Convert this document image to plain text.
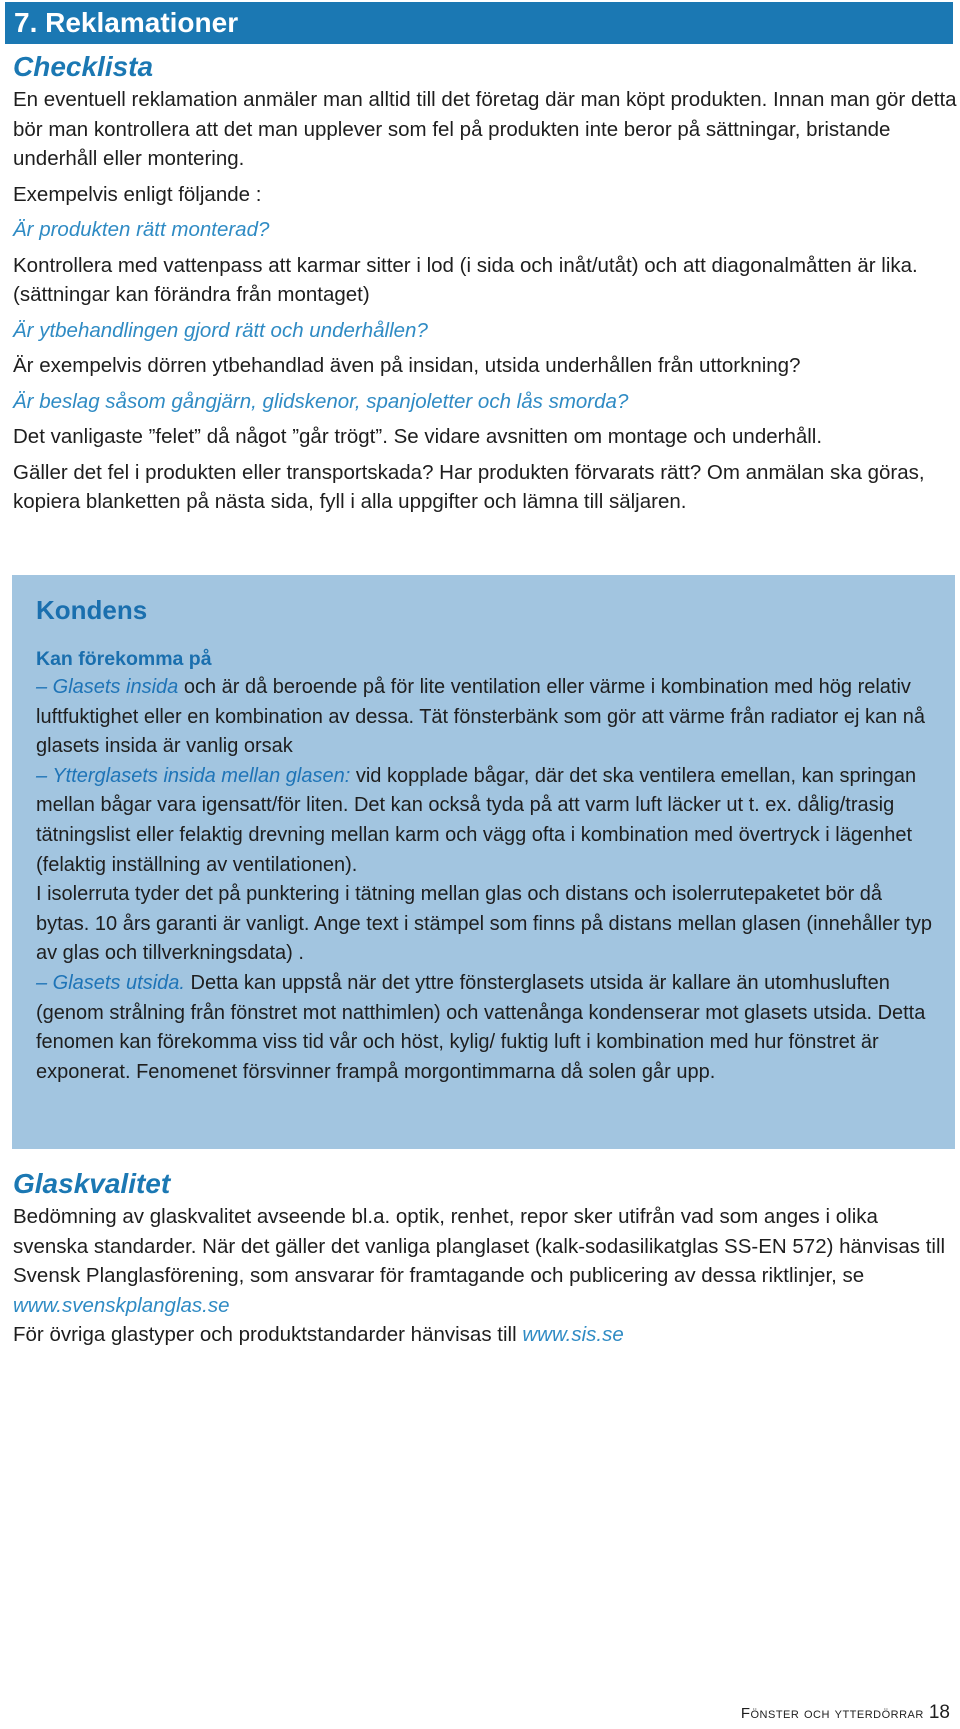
7. Reklamationer
Checklista

En eventuell reklamation anmäler man alltid till det företag där man köpt produkten. Innan man gör detta bör man kontrollera att det man upplever som fel på produkten inte beror på sättningar, bristande underhåll eller montering.

Exempelvis enligt följande :

Är produkten rätt monterad?

Kontrollera med vattenpass att karmar sitter i lod (i sida och inåt/utåt) och att diagonalmåtten är lika.(sättningar kan förändra från montaget)

Är ytbehandlingen gjord rätt och underhållen?

Är exempelvis dörren ytbehandlad även på insidan, utsida underhållen från uttorkning?

Är beslag såsom gångjärn, glidskenor, spanjoletter och lås smorda?

Det vanligaste ”felet” då något ”går trögt”. Se vidare avsnitten om montage och underhåll.

Gäller det fel i produkten eller transportskada? Har produkten förvarats rätt? Om anmälan ska göras, kopiera blanketten på nästa sida, fyll i alla uppgifter och lämna till säljaren.

Kondens

Kan förekomma på

– Glasets insida och är då beroende på för lite ventilation eller värme i kombination med hög relativ luftfuktighet eller en kombination av dessa. Tät fönsterbänk som gör att värme från radiator ej kan nå glasets insida är vanlig orsak

– Ytterglasets insida mellan glasen: vid kopplade bågar, där det ska ventilera emellan, kan springan mellan bågar vara igensatt/för liten. Det kan också tyda på att varm luft läcker ut t. ex. dålig/trasig tätningslist eller felaktig drevning mellan karm och vägg ofta i kombination med övertryck i lägenhet (felaktig inställning av ventilationen).

I isolerruta tyder det på punktering i tätning mellan glas och distans och isolerrutepaketet bör då bytas. 10 års garanti är vanligt. Ange text i stämpel som finns på distans mellan glasen (innehåller typ av glas och tillverkningsdata) .

– Glasets utsida. Detta kan uppstå när det yttre fönsterglasets utsida är kallare än utomhusluften (genom strålning från fönstret mot natthimlen) och vattenånga kondenserar mot glasets utsida. Detta fenomen kan förekomma viss tid vår och höst, kylig/ fuktig luft i kombination med hur fönstret är exponerat. Fenomenet försvinner frampå morgontimmarna då solen går upp.

Glaskvalitet

Bedömning av glaskvalitet avseende bl.a. optik, renhet, repor sker utifrån vad som anges i olika svenska standarder. När det gäller det vanliga planglaset (kalk-sodasilikatglas SS-EN 572) hänvisas till Svensk Planglasförening, som ansvarar för framtagande och publicering av dessa riktlinjer, se www.svenskplanglas.se

För övriga glastyper och produktstandarder hänvisas till www.sis.se

Fönster och ytterdörrar 18
